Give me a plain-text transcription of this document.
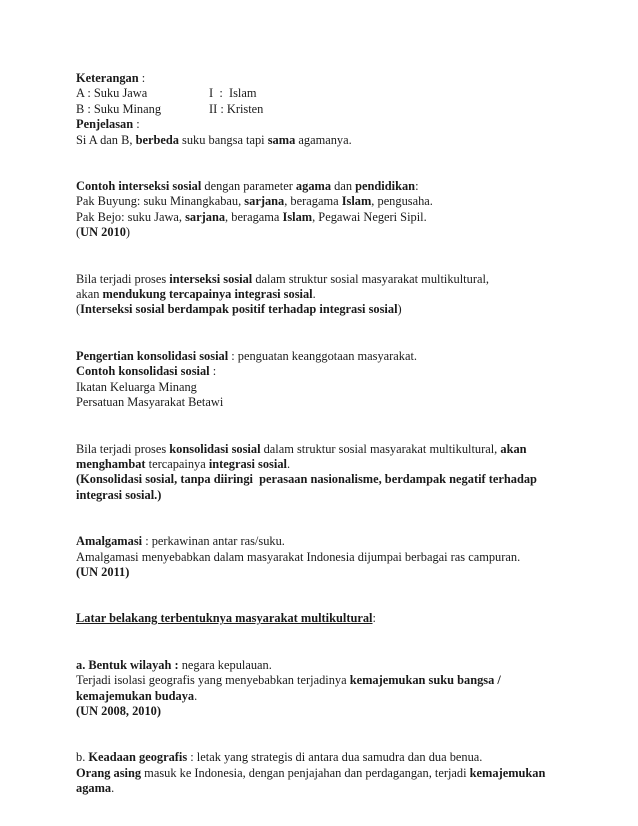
Keterangan :

A : Suku Jawa	I  :  Islam

B : Suku Minang	II : Kristen

Penjelasan :

Si A dan B, berbeda suku bangsa tapi sama agamanya.

Contoh interseksi sosial dengan parameter agama dan pendidikan:

Pak Buyung: suku Minangkabau, sarjana, beragama Islam, pengusaha.

Pak Bejo: suku Jawa, sarjana, beragama Islam, Pegawai Negeri Sipil.

(UN 2010)

Bila terjadi proses interseksi sosial dalam struktur sosial masyarakat multikultural,

akan mendukung tercapainya integrasi sosial.

(Interseksi sosial berdampak positif terhadap integrasi sosial)

Pengertian konsolidasi sosial : penguatan keanggotaan masyarakat.

Contoh konsolidasi sosial :

Ikatan Keluarga Minang

Persatuan Masyarakat Betawi

Bila terjadi proses konsolidasi sosial dalam struktur sosial masyarakat multikultural, akan

menghambat tercapainya integrasi sosial.

(Konsolidasi sosial, tanpa diiringi  perasaan nasionalisme, berdampak negatif terhadap

integrasi sosial.)

Amalgamasi : perkawinan antar ras/suku.

Amalgamasi menyebabkan dalam masyarakat Indonesia dijumpai berbagai ras campuran.

(UN 2011)

Latar belakang terbentuknya masyarakat multikultural:

a. Bentuk wilayah : negara kepulauan.

Terjadi isolasi geografis yang menyebabkan terjadinya kemajemukan suku bangsa /

kemajemukan budaya.

(UN 2008, 2010)

b. Keadaan geografis : letak yang strategis di antara dua samudra dan dua benua.

Orang asing masuk ke Indonesia, dengan penjajahan dan perdagangan, terjadi kemajemukan

agama.
